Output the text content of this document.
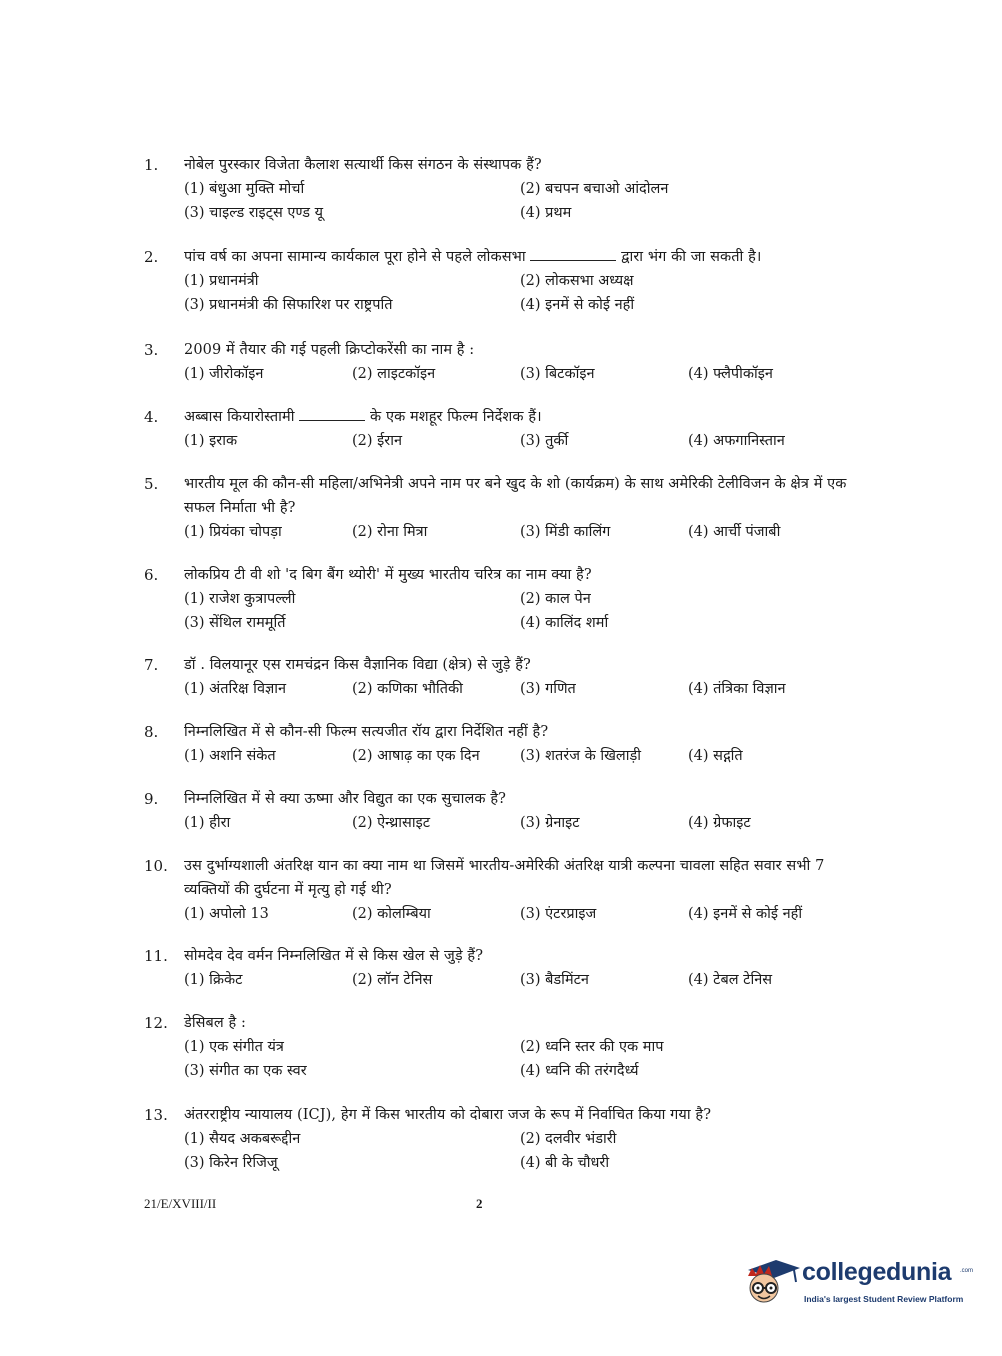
1.	नोबेल पुरस्कार विजेता कैलाश सत्यार्थी किस संगठन के संस्थापक हैं?
(1) बंधुआ मुक्ति मोर्चा	(2) बचपन बचाओ आंदोलन
(3) चाइल्ड राइट्स एण्ड यू	(4) प्रथम
2.	पांच वर्ष का अपना सामान्य कार्यकाल पूरा होने से पहले लोकसभा	द्वारा भंग की जा सकती है।
(1) प्रधानमंत्री	(2) लोकसभा अध्यक्ष
(3) प्रधानमंत्री की सिफारिश पर राष्ट्रपति	(4) इनमें से कोई नहीं
3.	2009 में तैयार की गई पहली क्रिप्टोकरेंसी का नाम है :
(1) जीरोकॉइन	(2) लाइटकॉइन	(3) बिटकॉइन	(4) फ्लैपीकॉइन
4.	अब्बास कियारोस्तामी	के एक मशहूर फिल्म निर्देशक हैं।
(1) इराक	(2) ईरान	(3) तुर्की	(4) अफगानिस्तान
5.	भारतीय मूल की कौन-सी महिला/अभिनेत्री अपने नाम पर बने खुद के शो (कार्यक्रम) के साथ अमेरिकी टेलीविजन के क्षेत्र में एक सफल निर्माता भी है?
(1) प्रियंका चोपड़ा	(2) रोना मित्रा	(3) मिंडी कालिंग	(4) आर्ची पंजाबी
6.	लोकप्रिय टी वी शो 'द बिग बैंग थ्योरी' में मुख्य भारतीय चरित्र का नाम क्या है?
(1) राजेश कुत्रापल्ली	(2) काल पेन
(3) सेंथिल राममूर्ति	(4) कालिंद शर्मा
7.	डॉ . विलयानूर एस रामचंद्रन किस वैज्ञानिक विद्या (क्षेत्र) से जुड़े हैं?
(1) अंतरिक्ष विज्ञान	(2) कणिका भौतिकी	(3) गणित	(4) तंत्रिका विज्ञान
8.	निम्नलिखित में से कौन-सी फिल्म सत्यजीत रॉय द्वारा निर्देशित नहीं है?
(1) अशनि संकेत	(2) आषाढ़ का एक दिन	(3) शतरंज के खिलाड़ी	(4) सद्गति
9.	निम्नलिखित में से क्या ऊष्मा और विद्युत का एक सुचालक है?
(1) हीरा	(2) ऐन्थ्रासाइट	(3) ग्रेनाइट	(4) ग्रेफाइट
10.	उस दुर्भाग्यशाली अंतरिक्ष यान का क्या नाम था जिसमें भारतीय-अमेरिकी अंतरिक्ष यात्री कल्पना चावला सहित सवार सभी 7 व्यक्तियों की दुर्घटना में मृत्यु हो गई थी?
(1) अपोलो 13	(2) कोलम्बिया	(3) एंटरप्राइज	(4) इनमें से कोई नहीं
11.	सोमदेव देव वर्मन निम्नलिखित में से किस खेल से जुड़े हैं?
(1) क्रिकेट	(2) लॉन टेनिस	(3) बैडमिंटन	(4) टेबल टेनिस
12.	डेसिबल है :
(1) एक संगीत यंत्र	(2) ध्वनि स्तर की एक माप
(3) संगीत का एक स्वर	(4) ध्वनि की तरंगदैर्ध्य
13.	अंतरराष्ट्रीय न्यायालय (ICJ), हेग में किस भारतीय को दोबारा जज के रूप में निर्वाचित किया गया है?
(1) सैयद अकबरूद्दीन	(2) दलवीर भंडारी
(3) किरेन रिजिजू	(4) बी के चौधरी
21/E/XVIII/II	2
collegedunia .com
India's largest Student Review Platform
